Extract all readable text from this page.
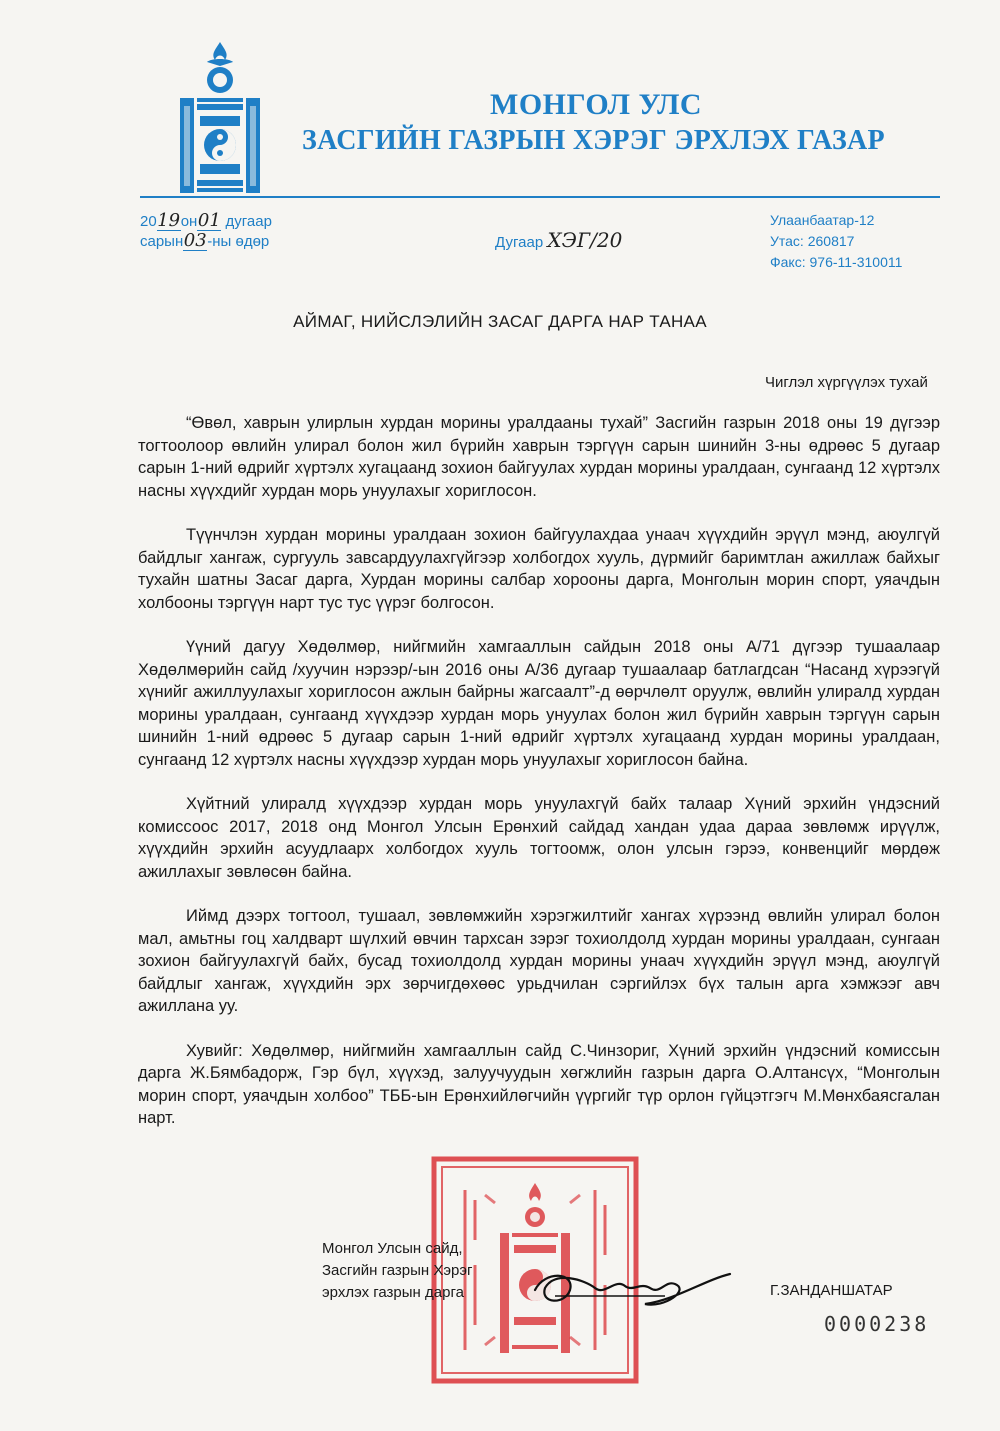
МОНГОЛ УЛС
ЗАСГИЙН ГАЗРЫН ХЭРЭГ ЭРХЛЭХ ГАЗАР
2019он01 дугаар
сарын03-ны өдөр	Дугаар ХЭГ/20
Улаанбаатар-12
Утас: 260817
Факс: 976-11-310011
АЙМАГ, НИЙСЛЭЛИЙН ЗАСАГ ДАРГА НАР ТАНАА
Чиглэл хүргүүлэх тухай

“Өвөл, хаврын улирлын хурдан морины уралдааны тухай” Засгийн газрын 2018 оны 19 дүгээр тогтоолоор өвлийн улирал болон жил бүрийн хаврын тэргүүн сарын шинийн 3-ны өдрөөс 5 дугаар сарын 1-ний өдрийг хүртэлх хугацаанд зохион байгуулах хурдан морины уралдаан, сунгаанд 12 хүртэлх насны хүүхдийг хурдан морь унуулахыг хориглосон.

Түүнчлэн хурдан морины уралдаан зохион байгуулахдаа унаач хүүхдийн эрүүл мэнд, аюулгүй байдлыг хангаж, сургууль завсардуулахгүйгээр холбогдох хууль, дүрмийг баримтлан ажиллаж байхыг тухайн шатны Засаг дарга, Хурдан морины салбар хорооны дарга, Монголын морин спорт, уяачдын холбооны тэргүүн нарт тус тус үүрэг болгосон.

Үүний дагуу Хөдөлмөр, нийгмийн хамгааллын сайдын 2018 оны А/71 дүгээр тушаалаар Хөдөлмөрийн сайд /хуучин нэрээр/-ын 2016 оны А/36 дугаар тушаалаар батлагдсан “Насанд хүрээгүй хүнийг ажиллуулахыг хориглосон ажлын байрны жагсаалт”-д өөрчлөлт оруулж, өвлийн улиралд хурдан морины уралдаан, сунгаанд хүүхдээр хурдан морь унуулах болон жил бүрийн хаврын тэргүүн сарын шинийн 1-ний өдрөөс 5 дугаар сарын 1-ний өдрийг хүртэлх хугацаанд хурдан морины уралдаан, сунгаанд 12 хүртэлх насны хүүхдээр хурдан морь унуулахыг хориглосон байна.

Хүйтний улиралд хүүхдээр хурдан морь унуулахгүй байх талаар Хүний эрхийн үндэсний комиссоос 2017, 2018 онд Монгол Улсын Ерөнхий сайдад хандан удаа дараа зөвлөмж ирүүлж, хүүхдийн эрхийн асуудлаарх холбогдох хууль тогтоомж, олон улсын гэрээ, конвенцийг мөрдөж ажиллахыг зөвлөсөн байна.

Иймд дээрх тогтоол, тушаал, зөвлөмжийн хэрэгжилтийг хангах хүрээнд өвлийн улирал болон мал, амьтны гоц халдварт шүлхий өвчин тархсан зэрэг тохиолдолд хурдан морины уралдаан, сунгаан зохион байгуулахгүй байх, бусад тохиолдолд хурдан морины унаач хүүхдийн эрүүл мэнд, аюулгүй байдлыг хангаж, хүүхдийн эрх зөрчигдөхөөс урьдчилан сэргийлэх бүх талын арга хэмжээг авч ажиллана уу.

Хувийг: Хөдөлмөр, нийгмийн хамгааллын сайд С.Чинзориг, Хүний эрхийн үндэсний комиссын дарга Ж.Бямбадорж, Гэр бүл, хүүхэд, залуучуудын хөгжлийн газрын дарга О.Алтансүх, “Монголын морин спорт, уяачдын холбоо” ТББ-ын Ерөнхийлөгчийн үүргийг түр орлон гүйцэтгэгч М.Мөнхбаясгалан нарт.

Монгол Улсын сайд,
Засгийн газрын Хэрэг
эрхлэх газрын дарга	Г.ЗАНДАНШАТАР
0000238
